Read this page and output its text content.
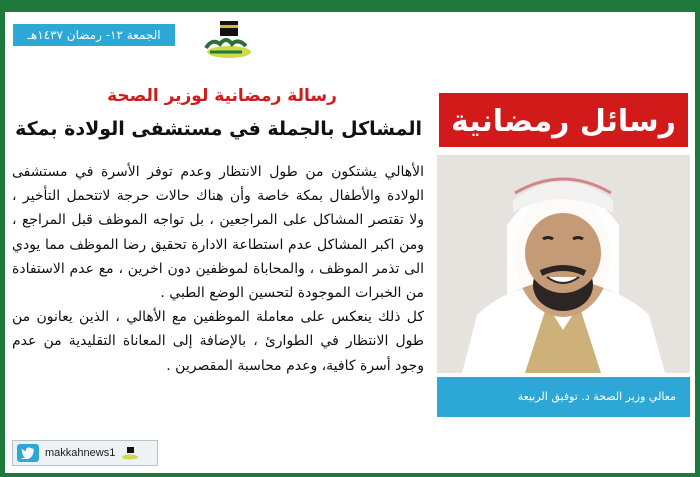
الجمعة ١٢- رمضان ١٤٣٧هـ
رسالة رمضانية لوزير الصحة
المشاكل بالجملة في مستشفى الولادة بمكة

الأهالي يشتكون من طول الانتظار وعدم توفر الأسرة في مستشفى الولادة والأطفال بمكة خاصة وأن هناك حالات حرجة لاتتحمل التأخير ، ولا تقتصر المشاكل على المراجعين ، بل تواجه الموظف قبل المراجع ، ومن اكبر المشاكل عدم استطاعة الادارة تحقيق رضا الموظف مما يودي الى تذمر الموظف ، والمحاباة لموظفين دون اخرين ، مع عدم الاستفادة من الخبرات الموجودة لتحسين الوضع الطبي .

كل ذلك ينعكس على معاملة الموظفين مع الأهالي ، الذين يعانون من طول الانتظار في الطوارئ ، بالإضافة إلى المعاناة التقليدية من عدم وجود أسرة كافية، وعدم محاسبة المقصرين .

رسائل رمضانية
معالي وزير الصحة د. توفيق الربيعة
makkahnews1
